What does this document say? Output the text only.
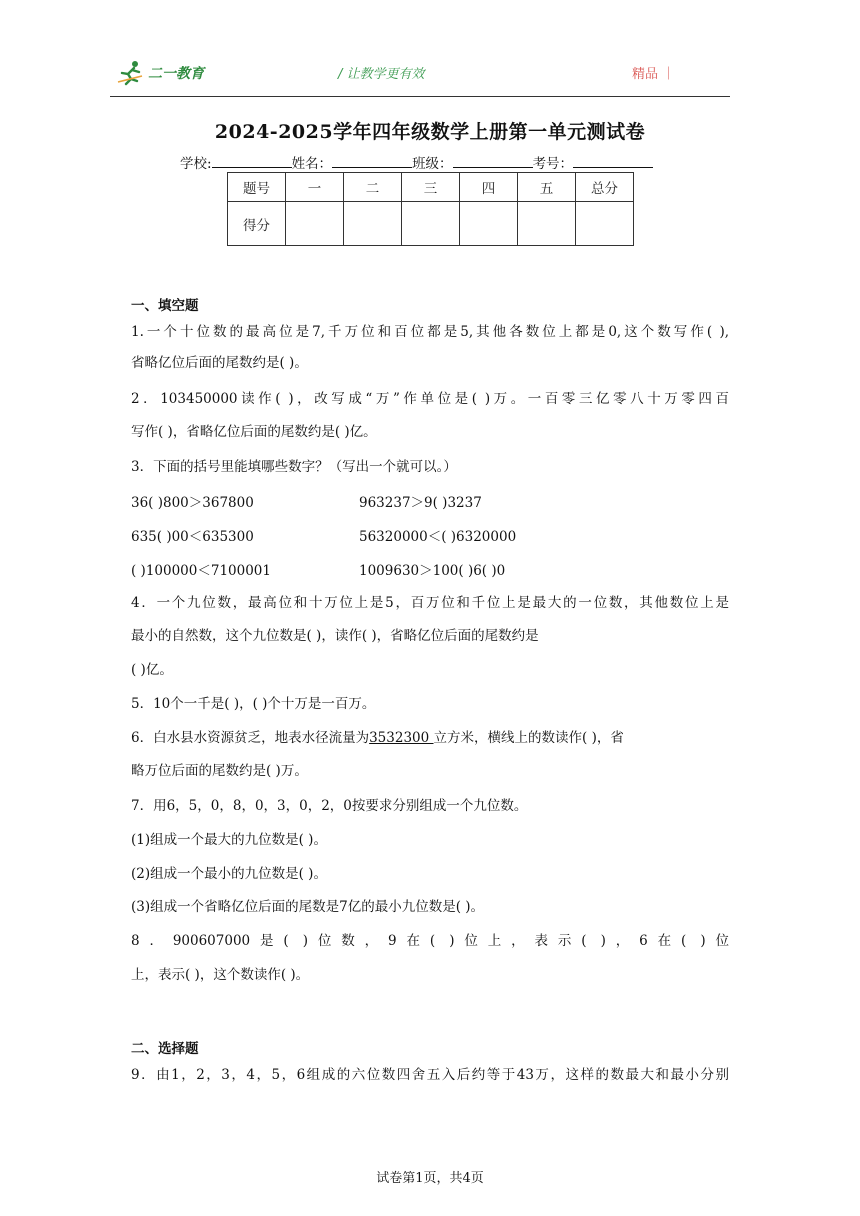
二一教育	/ 让教学更有效	精品 ｜
2024-2025学年四年级数学上册第一单元测试卷
学校:	姓名：	班级：	考号：
题号	一	二	三	四	五	总分
得分						
一、填空题
1.一个十位数的最高位是7,千万位和百位都是5,其他各数位上都是0,这个数写作( ),
省略亿位后面的尾数约是( )。
2．103450000读作( )，改写成“万”作单位是( )万。一百零三亿零八十万零四百
写作( )，省略亿位后面的尾数约是( )亿。
3．下面的括号里能填哪些数字？（写出一个就可以。）
36( )800＞367800	963237＞9( )3237
635( )00＜635300	56320000＜( )6320000
( )100000＜7100001	1009630＞100( )6( )0
4．一个九位数，最高位和十万位上是5，百万位和千位上是最大的一位数，其他数位上是
最小的自然数，这个九位数是( )，读作( )，省略亿位后面的尾数约是
( )亿。
5．10个一千是( )，( )个十万是一百万。
6．白水县水资源贫乏，地表水径流量为3532300 立方米，横线上的数读作( )，省
略万位后面的尾数约是( )万。
7．用6，5，0，8，0，3，0，2，0按要求分别组成一个九位数。
(1)组成一个最大的九位数是( )。
(2)组成一个最小的九位数是( )。
(3)组成一个省略亿位后面的尾数是7亿的最小九位数是( )。
8．900607000是( )位数，9在( )位上，表示( )，6在( )位
上，表示( )，这个数读作( )。
二、选择题
9．由1，2，3，4，5，6组成的六位数四舍五入后约等于43万，这样的数最大和最小分别
试卷第1页，共4页
